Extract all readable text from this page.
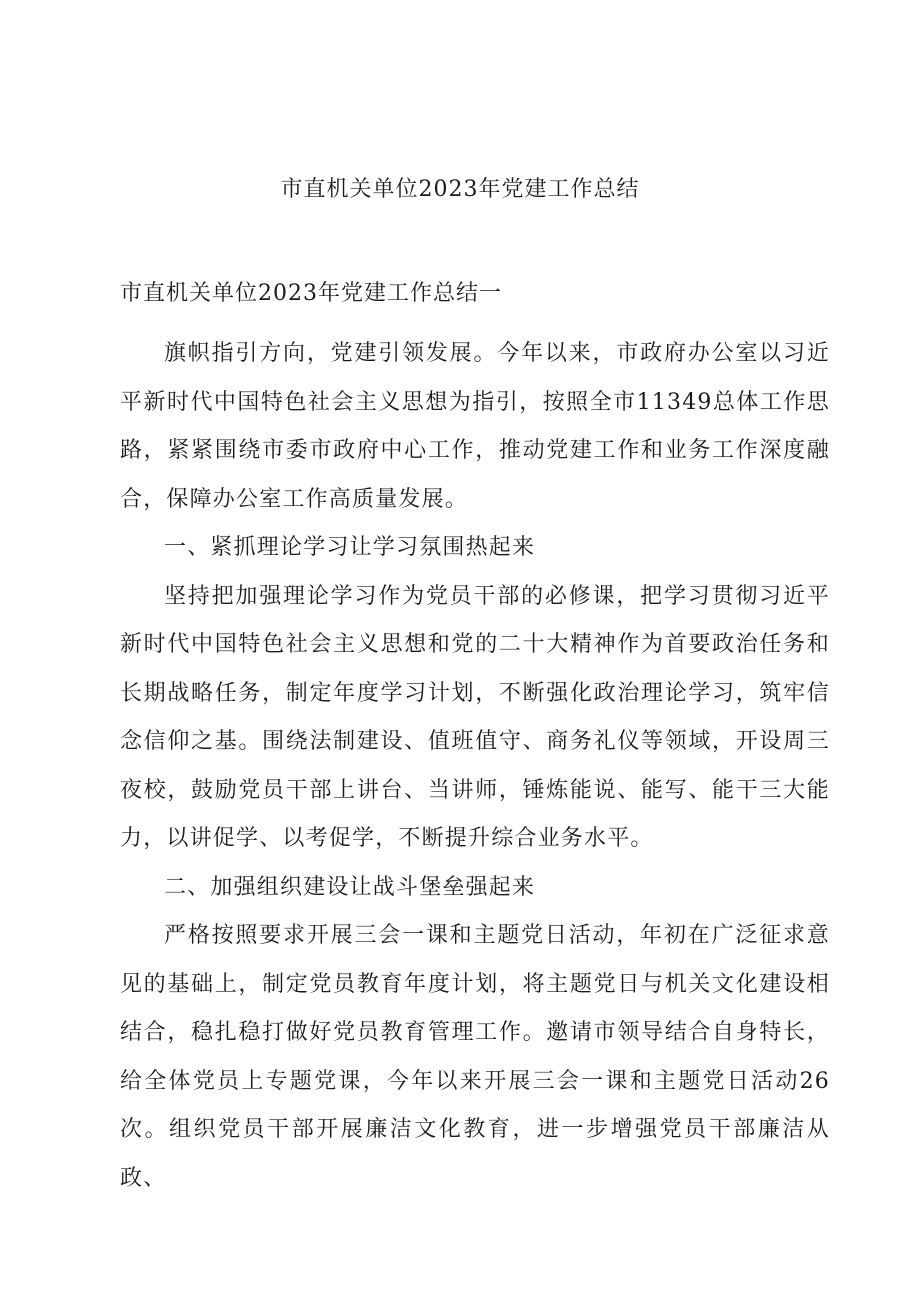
市直机关单位2023年党建工作总结

市直机关单位2023年党建工作总结一

旗帜指引方向，党建引领发展。今年以来，市政府办公室以习近平新时代中国特色社会主义思想为指引，按照全市11349总体工作思路，紧紧围绕市委市政府中心工作，推动党建工作和业务工作深度融合，保障办公室工作高质量发展。

一、紧抓理论学习让学习氛围热起来

坚持把加强理论学习作为党员干部的必修课，把学习贯彻习近平新时代中国特色社会主义思想和党的二十大精神作为首要政治任务和长期战略任务，制定年度学习计划，不断强化政治理论学习，筑牢信念信仰之基。围绕法制建设、值班值守、商务礼仪等领域，开设周三夜校，鼓励党员干部上讲台、当讲师，锤炼能说、能写、能干三大能力，以讲促学、以考促学，不断提升综合业务水平。

二、加强组织建设让战斗堡垒强起来

严格按照要求开展三会一课和主题党日活动，年初在广泛征求意见的基础上，制定党员教育年度计划，将主题党日与机关文化建设相结合，稳扎稳打做好党员教育管理工作。邀请市领导结合自身特长，给全体党员上专题党课，今年以来开展三会一课和主题党日活动26次。组织党员干部开展廉洁文化教育，进一步增强党员干部廉洁从政、
